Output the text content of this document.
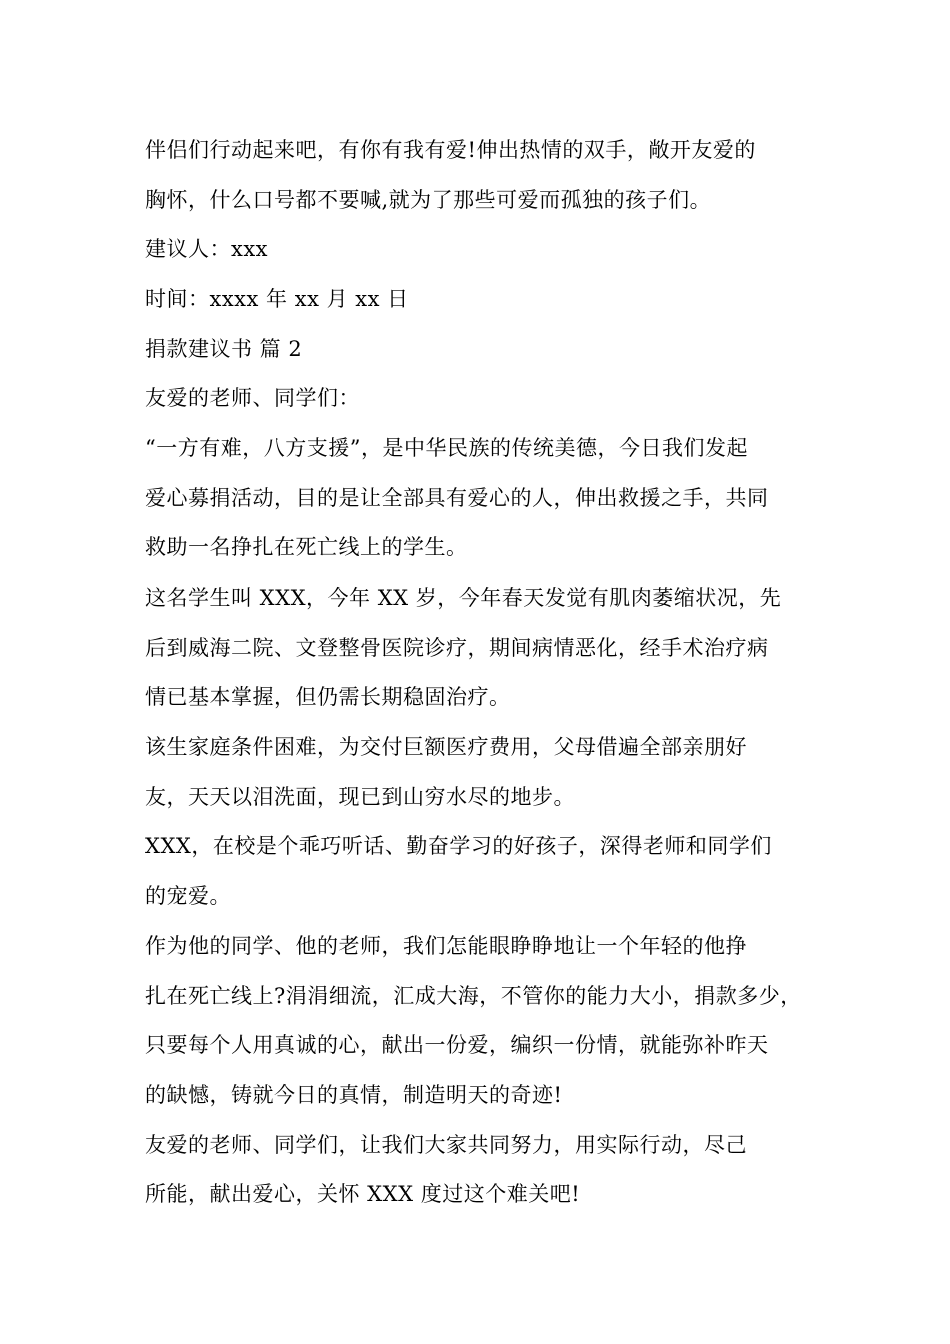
伴侣们行动起来吧，有你有我有爱!伸出热情的双手，敞开友爱的

胸怀，什么口号都不要喊,就为了那些可爱而孤独的孩子们。

建议人：xxx

时间：xxxx 年 xx 月 xx 日

捐款建议书 篇 2

友爱的老师、同学们：

“一方有难，八方支援”，是中华民族的传统美德，今日我们发起

爱心募捐活动，目的是让全部具有爱心的人，伸出救援之手，共同

救助一名挣扎在死亡线上的学生。

这名学生叫 XXX，今年 XX 岁，今年春天发觉有肌肉萎缩状况，先

后到威海二院、文登整骨医院诊疗，期间病情恶化，经手术治疗病

情已基本掌握，但仍需长期稳固治疗。

该生家庭条件困难，为交付巨额医疗费用，父母借遍全部亲朋好

友，天天以泪洗面，现已到山穷水尽的地步。

XXX，在校是个乖巧听话、勤奋学习的好孩子，深得老师和同学们

的宠爱。

作为他的同学、他的老师，我们怎能眼睁睁地让一个年轻的他挣

扎在死亡线上?涓涓细流，汇成大海，不管你的能力大小，捐款多少，

只要每个人用真诚的心，献出一份爱，编织一份情，就能弥补昨天

的缺憾，铸就今日的真情，制造明天的奇迹!

友爱的老师、同学们，让我们大家共同努力，用实际行动，尽己

所能，献出爱心，关怀 XXX 度过这个难关吧!
